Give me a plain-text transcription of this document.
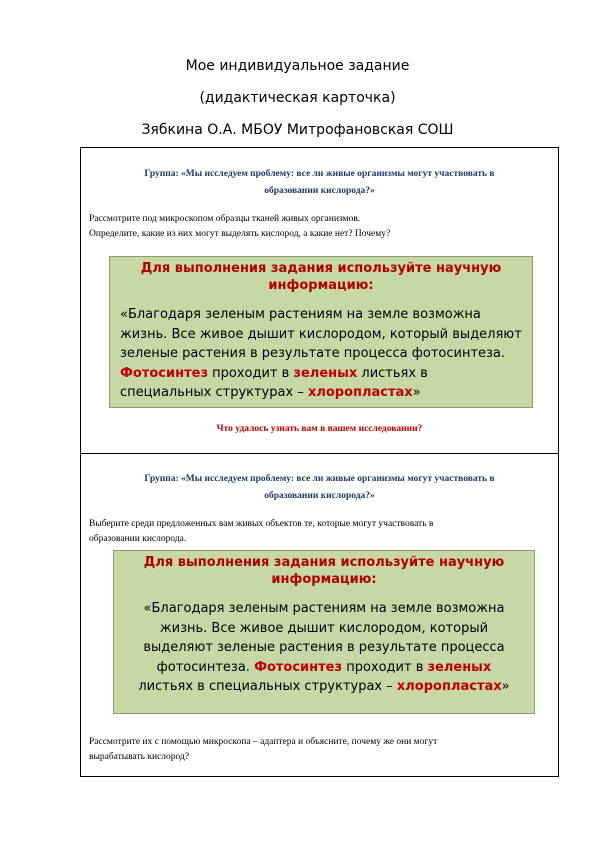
Мое индивидуальное задание
(дидактическая карточка)
Зябкина О.А. МБОУ Митрофановская СОШ
Группа: «Мы исследуем проблему: все ли живые организмы могут участвовать в
образовании кислорода?»
Рассмотрите под микроскопом образцы тканей живых организмов.
Определите, какие из них могут выделять кислород, а какие нет? Почему?
Для выполнения задания используйте научную
информацию:
«Благодаря зеленым растениям на земле возможна жизнь. Все живое дышит кислородом, который выделяют зеленые растения в результате процесса фотосинтеза. Фотосинтез проходит в зеленых листьях в специальных структурах – хлоропластах»
Что удалось узнать вам в вашем исследовании?
Группа: «Мы исследуем проблему: все ли живые организмы могут участвовать в
образовании кислорода?»
Выберите среди предложенных вам живых объектов те, которые могут участвовать в
образовании кислорода.
Для выполнения задания используйте научную
информацию:
«Благодаря зеленым растениям на земле возможна
жизнь. Все живое дышит кислородом, который
выделяют зеленые растения в результате процесса
фотосинтеза. Фотосинтез проходит в зеленых
листьях в специальных структурах – хлоропластах»
Рассмотрите их с помощью микроскопа – адаптера и объясните, почему же они могут
вырабатывать кислород?
